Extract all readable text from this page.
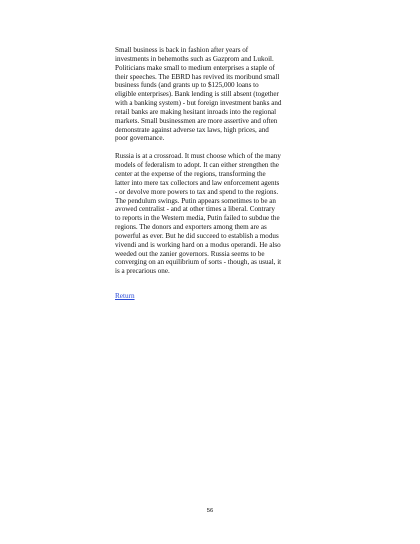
Small business is back in fashion after years of
investments in behemoths such as Gazprom and Lukoil.
Politicians make small to medium enterprises a staple of
their speeches. The EBRD has revived its moribund small
business funds (and grants up to $125,000 loans to
eligible enterprises). Bank lending is still absent (together
with a banking system) - but foreign investment banks and
retail banks are making hesitant inroads into the regional
markets. Small businessmen are more assertive and often
demonstrate against adverse tax laws, high prices, and
poor governance.
Russia is at a crossroad. It must choose which of the many
models of federalism to adopt. It can either strengthen the
center at the expense of the regions, transforming the
latter into mere tax collectors and law enforcement agents
- or devolve more powers to tax and spend to the regions.
The pendulum swings. Putin appears sometimes to be an
avowed centralist - and at other times a liberal. Contrary
to reports in the Western media, Putin failed to subdue the
regions. The donors and exporters among them are as
powerful as ever. But he did succeed to establish a modus
vivendi and is working hard on a modus operandi. He also
weeded out the zanier governors. Russia seems to be
converging on an equilibrium of sorts - though, as usual, it
is a precarious one.
Return
56
